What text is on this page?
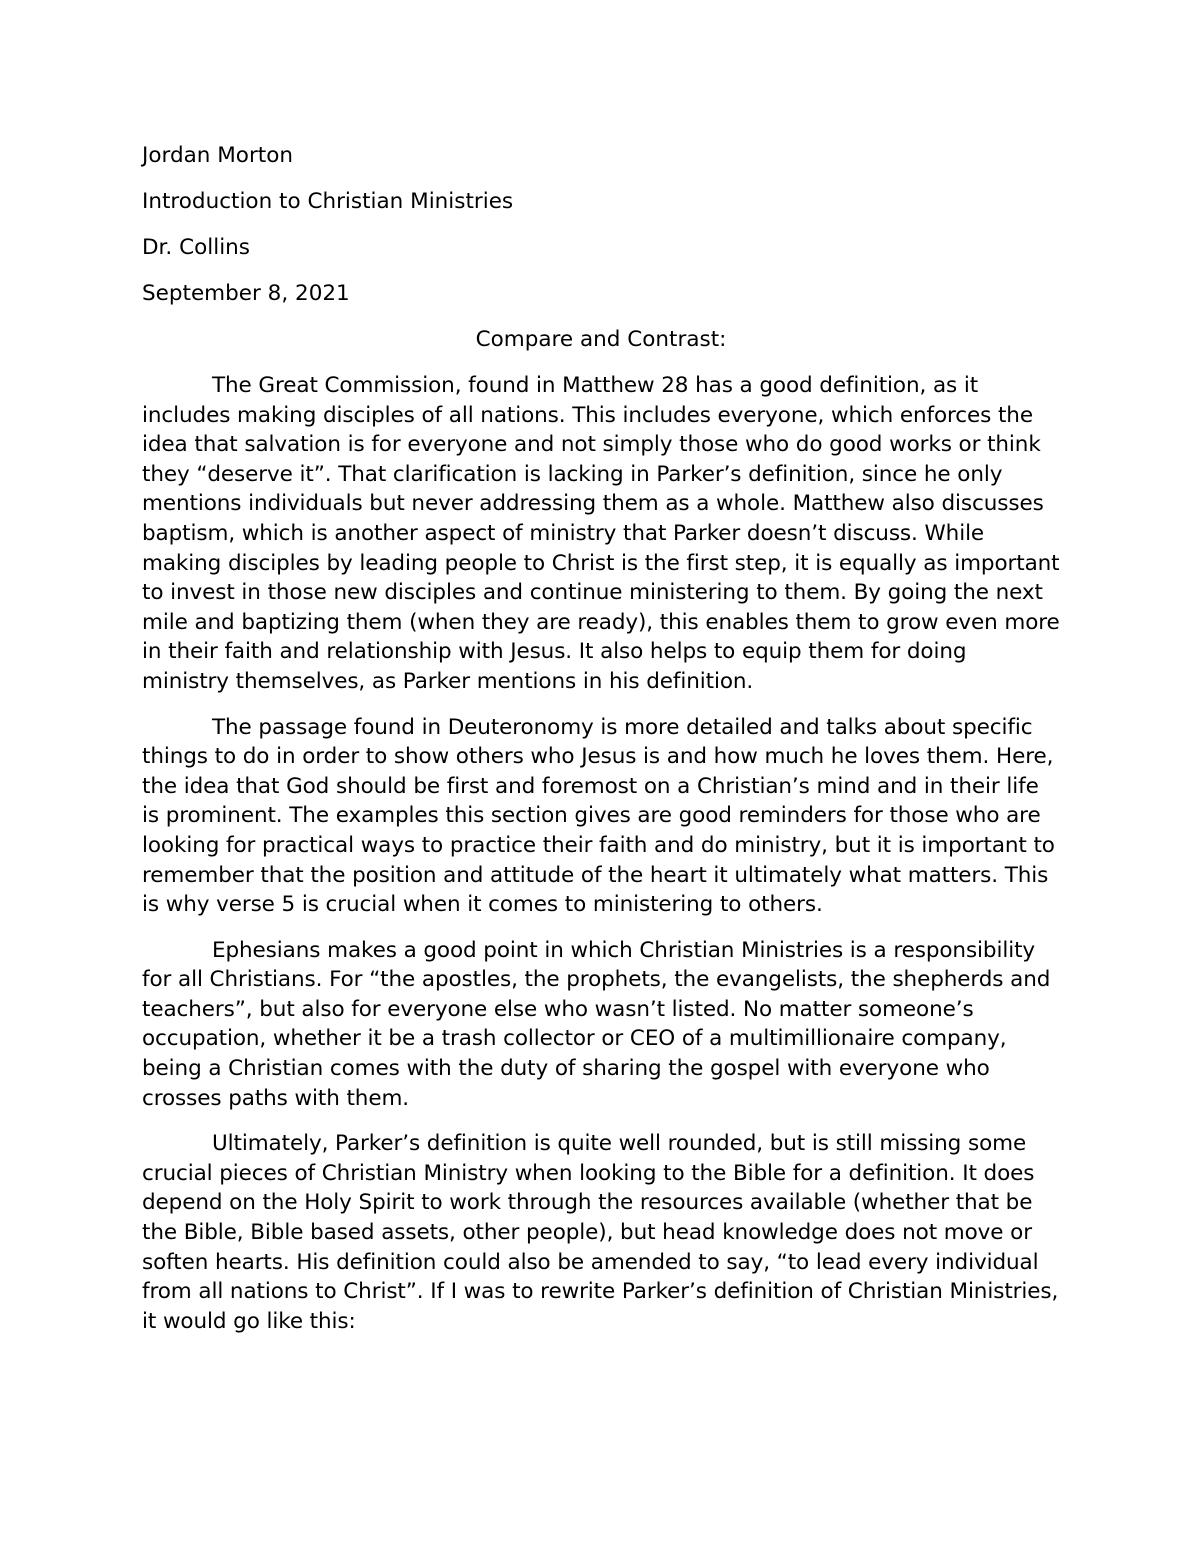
Jordan Morton

Introduction to Christian Ministries

Dr. Collins

September 8, 2021

Compare and Contrast:

The Great Commission, found in Matthew 28 has a good definition, as it includes making disciples of all nations. This includes everyone, which enforces the idea that salvation is for everyone and not simply those who do good works or think they “deserve it”. That clarification is lacking in Parker’s definition, since he only mentions individuals but never addressing them as a whole. Matthew also discusses baptism, which is another aspect of ministry that Parker doesn’t discuss. While making disciples by leading people to Christ is the first step, it is equally as important to invest in those new disciples and continue ministering to them. By going the next mile and baptizing them (when they are ready), this enables them to grow even more in their faith and relationship with Jesus. It also helps to equip them for doing ministry themselves, as Parker mentions in his definition.

The passage found in Deuteronomy is more detailed and talks about specific things to do in order to show others who Jesus is and how much he loves them. Here, the idea that God should be first and foremost on a Christian’s mind and in their life is prominent. The examples this section gives are good reminders for those who are looking for practical ways to practice their faith and do ministry, but it is important to remember that the position and attitude of the heart it ultimately what matters. This is why verse 5 is crucial when it comes to ministering to others.

Ephesians makes a good point in which Christian Ministries is a responsibility for all Christians. For “the apostles, the prophets, the evangelists, the shepherds and teachers”, but also for everyone else who wasn’t listed. No matter someone’s occupation, whether it be a trash collector or CEO of a multimillionaire company, being a Christian comes with the duty of sharing the gospel with everyone who crosses paths with them.

Ultimately, Parker’s definition is quite well rounded, but is still missing some crucial pieces of Christian Ministry when looking to the Bible for a definition. It does depend on the Holy Spirit to work through the resources available (whether that be the Bible, Bible based assets, other people), but head knowledge does not move or soften hearts. His definition could also be amended to say, “to lead every individual from all nations to Christ”. If I was to rewrite Parker’s definition of Christian Ministries, it would go like this:
